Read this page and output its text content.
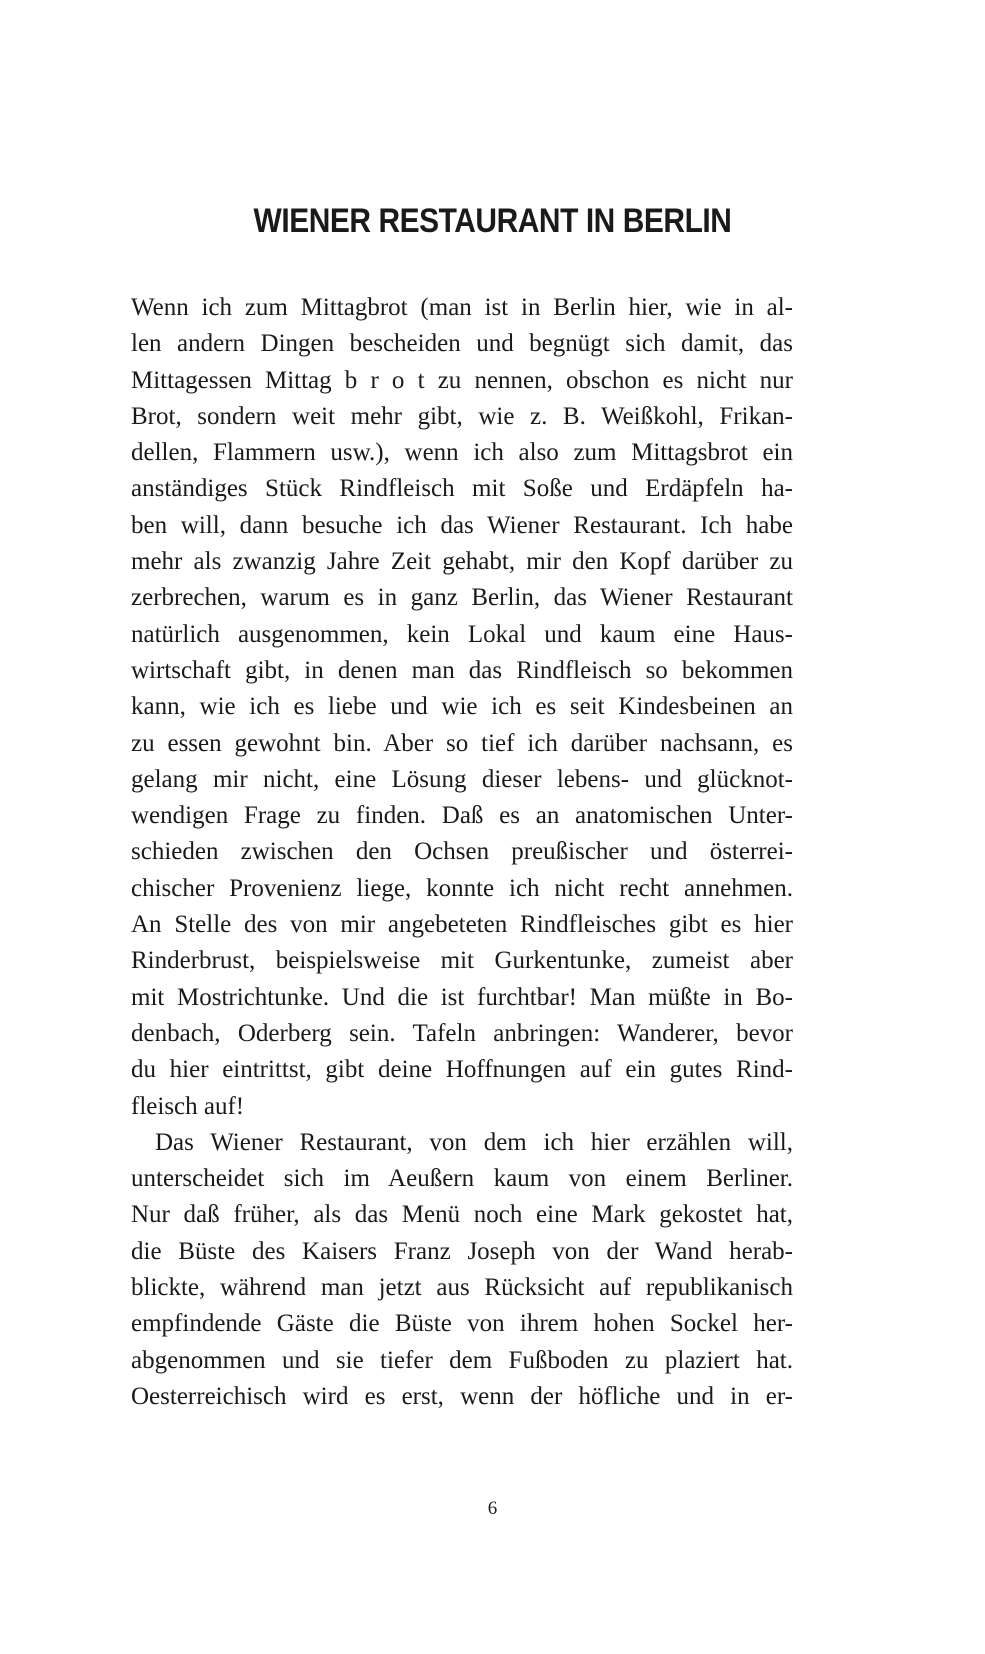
WIENER RESTAURANT IN BERLIN
Wenn ich zum Mittagbrot (man ist in Berlin hier, wie in al-
len andern Dingen bescheiden und begnügt sich damit, das
Mittagessen Mittag b r o t zu nennen, obschon es nicht nur
Brot, sondern weit mehr gibt, wie z. B. Weißkohl, Frikan-
dellen, Flammern usw.), wenn ich also zum Mittagsbrot ein
anständiges Stück Rindfleisch mit Soße und Erdäpfeln ha-
ben will, dann besuche ich das Wiener Restaurant. Ich habe
mehr als zwanzig Jahre Zeit gehabt, mir den Kopf darüber zu
zerbrechen, warum es in ganz Berlin, das Wiener Restaurant
natürlich ausgenommen, kein Lokal und kaum eine Haus-
wirtschaft gibt, in denen man das Rindfleisch so bekommen
kann, wie ich es liebe und wie ich es seit Kindesbeinen an
zu essen gewohnt bin. Aber so tief ich darüber nachsann, es
gelang mir nicht, eine Lösung dieser lebens- und glücknot-
wendigen Frage zu finden. Daß es an anatomischen Unter-
schieden zwischen den Ochsen preußischer und österrei-
chischer Provenienz liege, konnte ich nicht recht annehmen.
An Stelle des von mir angebeteten Rindfleisches gibt es hier
Rinderbrust, beispielsweise mit Gurkentunke, zumeist aber
mit Mostrichtunke. Und die ist furchtbar! Man müßte in Bo-
denbach, Oderberg sein. Tafeln anbringen: Wanderer, bevor
du hier eintrittst, gibt deine Hoffnungen auf ein gutes Rind-
fleisch auf!
Das Wiener Restaurant, von dem ich hier erzählen will,
unterscheidet sich im Aeußern kaum von einem Berliner.
Nur daß früher, als das Menü noch eine Mark gekostet hat,
die Büste des Kaisers Franz Joseph von der Wand herab-
blickte, während man jetzt aus Rücksicht auf republikanisch
empfindende Gäste die Büste von ihrem hohen Sockel her-
abgenommen und sie tiefer dem Fußboden zu plaziert hat.
Oesterreichisch wird es erst, wenn der höfliche und in er-
6
